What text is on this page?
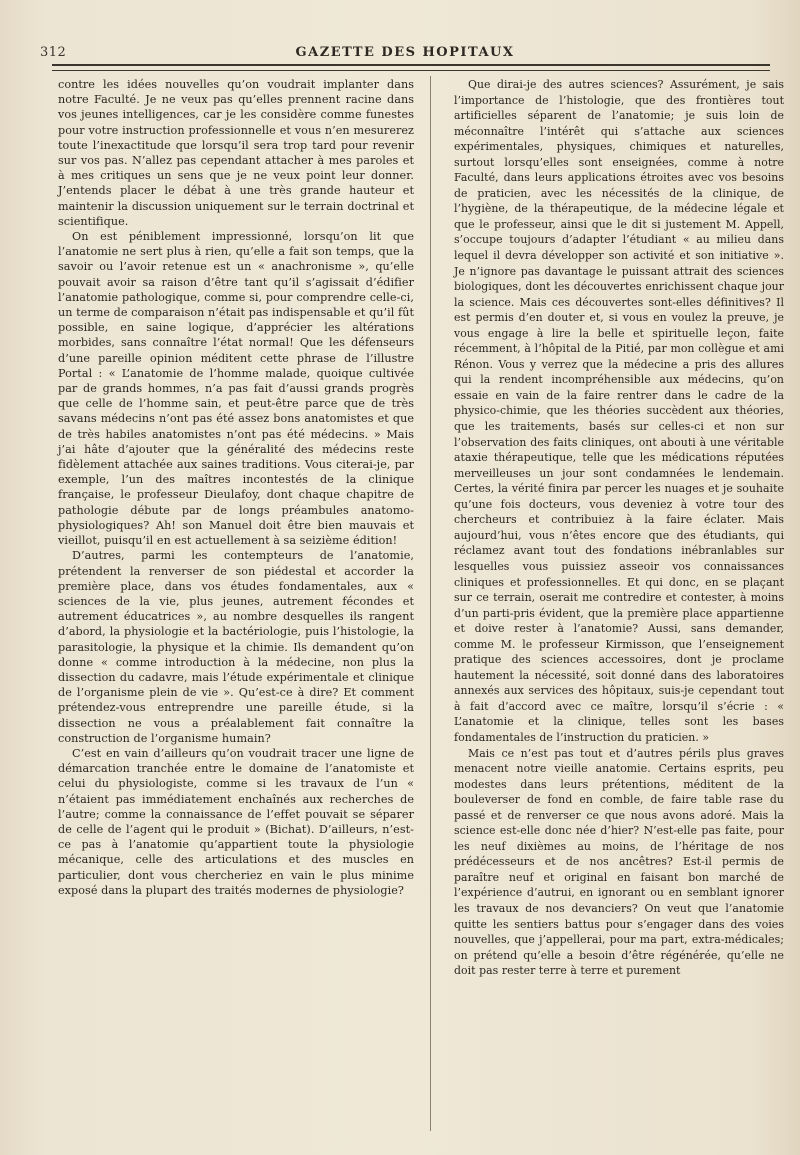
312	GAZETTE DES HOPITAUX

contre les idées nouvelles qu’on voudrait implanter dans notre Faculté. Je ne veux pas qu’elles prennent racine dans vos jeunes intelligences, car je les considère comme funestes pour votre instruction professionnelle et vous n’en mesurerez toute l’inexactitude que lorsqu’il sera trop tard pour revenir sur vos pas. N’allez pas cependant attacher à mes paroles et à mes critiques un sens que je ne veux point leur donner. J’entends placer le débat à une très grande hauteur et maintenir la discussion uniquement sur le terrain doctrinal et scientifique.

On est péniblement impressionné, lorsqu’on lit que l’anatomie ne sert plus à rien, qu’elle a fait son temps, que la savoir ou l’avoir retenue est un « anachronisme », qu’elle pouvait avoir sa raison d’être tant qu’il s’agissait d’édifier l’anatomie pathologique, comme si, pour comprendre celle-ci, un terme de comparaison n’était pas indispensable et qu’il fût possible, en saine logique, d’apprécier les altérations morbides, sans connaître l’état normal! Que les défenseurs d’une pareille opinion méditent cette phrase de l’illustre Portal : « L’anatomie de l’homme malade, quoique cultivée par de grands hommes, n’a pas fait d’aussi grands progrès que celle de l’homme sain, et peut-être parce que de très savans médecins n’ont pas été assez bons anatomistes et que de très habiles anatomistes n’ont pas été médecins. » Mais j’ai hâte d’ajouter que la généralité des médecins reste fidèlement attachée aux saines traditions. Vous citerai-je, par exemple, l’un des maîtres incontestés de la clinique française, le professeur Dieulafoy, dont chaque chapitre de pathologie débute par de longs préambules anatomo-physiologiques? Ah! son Manuel doit être bien mauvais et vieillot, puisqu’il en est actuellement à sa seizième édition!

D’autres, parmi les contempteurs de l’anatomie, prétendent la renverser de son piédestal et accorder la première place, dans vos études fondamentales, aux « sciences de la vie, plus jeunes, autrement fécondes et autrement éducatrices », au nombre desquelles ils rangent d’abord, la physiologie et la bactériologie, puis l’histologie, la parasitologie, la physique et la chimie. Ils demandent qu’on donne « comme introduction à la médecine, non plus la dissection du cadavre, mais l’étude expérimentale et clinique de l’organisme plein de vie ». Qu’est-ce à dire? Et comment prétendez-vous entreprendre une pareille étude, si la dissection ne vous a préalablement fait connaître la construction de l’organisme humain?

C’est en vain d’ailleurs qu’on voudrait tracer une ligne de démarcation tranchée entre le domaine de l’anatomiste et celui du physiologiste, comme si les travaux de l’un « n’étaient pas immédiatement enchaînés aux recherches de l’autre; comme la connaissance de l’effet pouvait se séparer de celle de l’agent qui le produit » (Bichat). D’ailleurs, n’est-ce pas à l’anatomie qu’appartient toute la physiologie mécanique, celle des articulations et des muscles en particulier, dont vous chercheriez en vain le plus minime exposé dans la plupart des traités modernes de physiologie?

Que dirai-je des autres sciences? Assurément, je sais l’importance de l’histologie, que des frontières tout artificielles séparent de l’anatomie; je suis loin de méconnaître l’intérêt qui s’attache aux sciences expérimentales, physiques, chimiques et naturelles, surtout lorsqu’elles sont enseignées, comme à notre Faculté, dans leurs applications étroites avec vos besoins de praticien, avec les nécessités de la clinique, de l’hygiène, de la thérapeutique, de la médecine légale et que le professeur, ainsi que le dit si justement M. Appell, s’occupe toujours d’adapter l’étudiant « au milieu dans lequel il devra développer son activité et son initiative ». Je n’ignore pas davantage le puissant attrait des sciences biologiques, dont les découvertes enrichissent chaque jour la science. Mais ces découvertes sont-elles définitives? Il est permis d’en douter et, si vous en voulez la preuve, je vous engage à lire la belle et spirituelle leçon, faite récemment, à l’hôpital de la Pitié, par mon collègue et ami Rénon. Vous y verrez que la médecine a pris des allures qui la rendent incompréhensible aux médecins, qu’on essaie en vain de la faire rentrer dans le cadre de la physico-chimie, que les théories succèdent aux théories, que les traitements, basés sur celles-ci et non sur l’observation des faits cliniques, ont abouti à une véritable ataxie thérapeutique, telle que les médications réputées merveilleuses un jour sont condamnées le lendemain. Certes, la vérité finira par percer les nuages et je souhaite qu’une fois docteurs, vous deveniez à votre tour des chercheurs et contribuiez à la faire éclater. Mais aujourd’hui, vous n’êtes encore que des étudiants, qui réclamez avant tout des fondations inébranlables sur lesquelles vous puissiez asseoir vos connaissances cliniques et professionnelles. Et qui donc, en se plaçant sur ce terrain, oserait me contredire et contester, à moins d’un parti-pris évident, que la première place appartienne et doive rester à l’anatomie? Aussi, sans demander, comme M. le professeur Kirmisson, que l’enseignement pratique des sciences accessoires, dont je proclame hautement la nécessité, soit donné dans des laboratoires annexés aux services des hôpitaux, suis-je cependant tout à fait d’accord avec ce maître, lorsqu’il s’écrie : « L’anatomie et la clinique, telles sont les bases fondamentales de l’instruction du praticien. »

Mais ce n’est pas tout et d’autres périls plus graves menacent notre vieille anatomie. Certains esprits, peu modestes dans leurs prétentions, méditent de la bouleverser de fond en comble, de faire table rase du passé et de renverser ce que nous avons adoré. Mais la science est-elle donc née d’hier? N’est-elle pas faite, pour les neuf dixièmes au moins, de l’héritage de nos prédécesseurs et de nos ancêtres? Est-il permis de paraître neuf et original en faisant bon marché de l’expérience d’autrui, en ignorant ou en semblant ignorer les travaux de nos devanciers? On veut que l’anatomie quitte les sentiers battus pour s’engager dans des voies nouvelles, que j’appellerai, pour ma part, extra-médicales; on prétend qu’elle a besoin d’être régénérée, qu’elle ne doit pas rester terre à terre et purement
